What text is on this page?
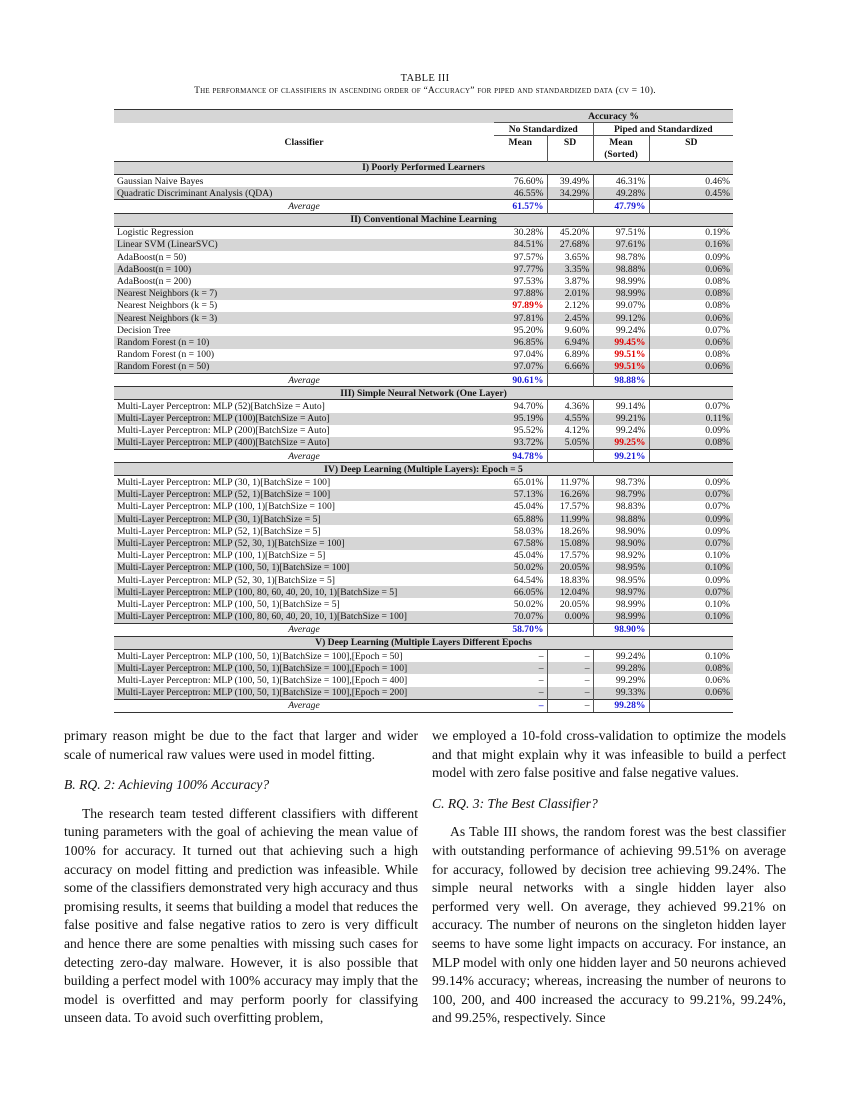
TABLE III
The performance of classifiers in ascending order of “Accuracy” for piped and standardized data (cv = 10).
	Accuracy %			
	No Standardized		Piped and Standardized	
Classifier	Mean	SD	Mean	SD
			(Sorted)	
I) Poorly Performed Learners				
Gaussian Naive Bayes	76.60%	39.49%	46.31%	0.46%
Quadratic Discriminant Analysis (QDA)	46.55%	34.29%	49.28%	0.45%
Average	61.57%		47.79%	
II) Conventional Machine Learning				
Logistic Regression	30.28%	45.20%	97.51%	0.19%
Linear SVM (LinearSVC)	84.51%	27.68%	97.61%	0.16%
AdaBoost(n = 50)	97.57%	3.65%	98.78%	0.09%
AdaBoost(n = 100)	97.77%	3.35%	98.88%	0.06%
AdaBoost(n = 200)	97.53%	3.87%	98.99%	0.08%
Nearest Neighbors (k = 7)	97.88%	2.01%	98.99%	0.08%
Nearest Neighbors (k = 5)	97.89%	2.12%	99.07%	0.08%
Nearest Neighbors (k = 3)	97.81%	2.45%	99.12%	0.06%
Decision Tree	95.20%	9.60%	99.24%	0.07%
Random Forest (n = 10)	96.85%	6.94%	99.45%	0.06%
Random Forest (n = 100)	97.04%	6.89%	99.51%	0.08%
Random Forest (n = 50)	97.07%	6.66%	99.51%	0.06%
Average	90.61%		98.88%	
III) Simple Neural Network (One Layer)				
Multi-Layer Perceptron: MLP (52)[BatchSize = Auto]	94.70%	4.36%	99.14%	0.07%
Multi-Layer Perceptron: MLP (100)[BatchSize = Auto]	95.19%	4.55%	99.21%	0.11%
Multi-Layer Perceptron: MLP (200)[BatchSize = Auto]	95.52%	4.12%	99.24%	0.09%
Multi-Layer Perceptron: MLP (400)[BatchSize = Auto]	93.72%	5.05%	99.25%	0.08%
Average	94.78%		99.21%	
IV) Deep Learning (Multiple Layers): Epoch = 5				
Multi-Layer Perceptron: MLP (30, 1)[BatchSize = 100]	65.01%	11.97%	98.73%	0.09%
Multi-Layer Perceptron: MLP (52, 1)[BatchSize = 100]	57.13%	16.26%	98.79%	0.07%
Multi-Layer Perceptron: MLP (100, 1)[BatchSize = 100]	45.04%	17.57%	98.83%	0.07%
Multi-Layer Perceptron: MLP (30, 1)[BatchSize = 5]	65.88%	11.99%	98.88%	0.09%
Multi-Layer Perceptron: MLP (52, 1)[BatchSize = 5]	58.03%	18.26%	98.90%	0.09%
Multi-Layer Perceptron: MLP (52, 30, 1)[BatchSize = 100]	67.58%	15.08%	98.90%	0.07%
Multi-Layer Perceptron: MLP (100, 1)[BatchSize = 5]	45.04%	17.57%	98.92%	0.10%
Multi-Layer Perceptron: MLP (100, 50, 1)[BatchSize = 100]	50.02%	20.05%	98.95%	0.10%
Multi-Layer Perceptron: MLP (52, 30, 1)[BatchSize = 5]	64.54%	18.83%	98.95%	0.09%
Multi-Layer Perceptron: MLP (100, 80, 60, 40, 20, 10, 1)[BatchSize = 5]	66.05%	12.04%	98.97%	0.07%
Multi-Layer Perceptron: MLP (100, 50, 1)[BatchSize = 5]	50.02%	20.05%	98.99%	0.10%
Multi-Layer Perceptron: MLP (100, 80, 60, 40, 20, 10, 1)[BatchSize = 100]	70.07%	0.00%	98.99%	0.10%
Average	58.70%		98.90%	
V) Deep Learning (Multiple Layers Different Epochs				
Multi-Layer Perceptron: MLP (100, 50, 1)[BatchSize = 100],[Epoch = 50]	–	–	99.24%	0.10%
Multi-Layer Perceptron: MLP (100, 50, 1)[BatchSize = 100],[Epoch = 100]	–	–	99.28%	0.08%
Multi-Layer Perceptron: MLP (100, 50, 1)[BatchSize = 100],[Epoch = 400]	–	–	99.29%	0.06%
Multi-Layer Perceptron: MLP (100, 50, 1)[BatchSize = 100],[Epoch = 200]	–	–	99.33%	0.06%
Average	–	–	99.28%	

primary reason might be due to the fact that larger and wider scale of numerical raw values were used in model fitting.

B. RQ. 2: Achieving 100% Accuracy?

The research team tested different classifiers with different tuning parameters with the goal of achieving the mean value of 100% for accuracy. It turned out that achieving such a high accuracy on model fitting and prediction was infeasible. While some of the classifiers demonstrated very high accuracy and thus promising results, it seems that building a model that reduces the false positive and false negative ratios to zero is very difficult and hence there are some penalties with missing such cases for detecting zero-day malware. However, it is also possible that building a perfect model with 100% accuracy may imply that the model is overfitted and may perform poorly for classifying unseen data. To avoid such overfitting problem,

we employed a 10-fold cross-validation to optimize the models and that might explain why it was infeasible to build a perfect model with zero false positive and false negative values.

C. RQ. 3: The Best Classifier?

As Table III shows, the random forest was the best classifier with outstanding performance of achieving 99.51% on average for accuracy, followed by decision tree achieving 99.24%. The simple neural networks with a single hidden layer also performed very well. On average, they achieved 99.21% on accuracy. The number of neurons on the singleton hidden layer seems to have some light impacts on accuracy. For instance, an MLP model with only one hidden layer and 50 neurons achieved 99.14% accuracy; whereas, increasing the number of neurons to 100, 200, and 400 increased the accuracy to 99.21%, 99.24%, and 99.25%, respectively. Since
